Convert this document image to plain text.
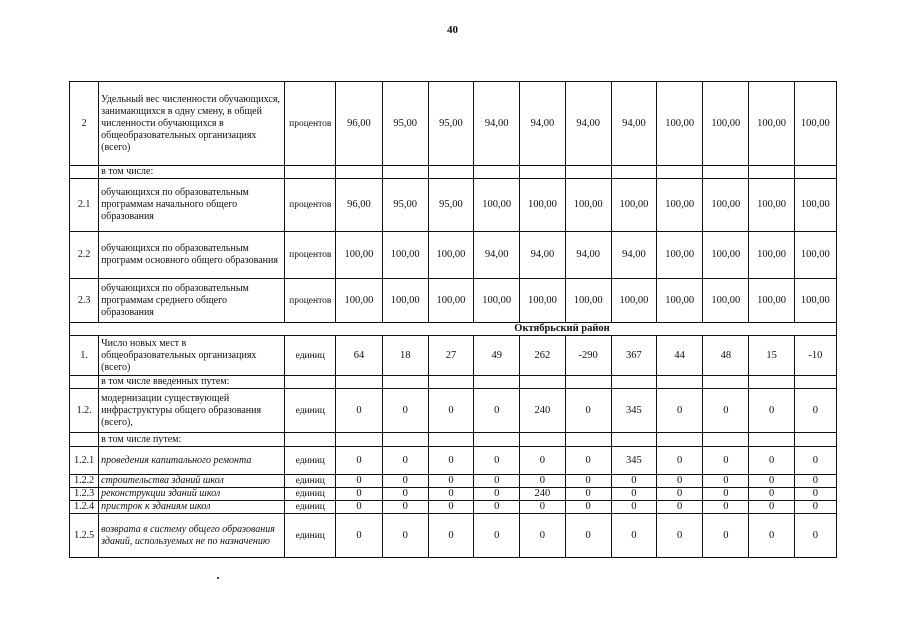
40
2	Удельный вес численности обучающихся, занимающихся в одну смену, в общей численности обучающихся в общеобразовательных организациях (всего)	процентов	96,00	95,00	95,00	94,00	94,00	94,00	94,00	100,00	100,00	100,00	100,00
	в том числе:												
2.1	обучающихся по образовательным программам начального общего образования	процентов	96,00	95,00	95,00	100,00	100,00	100,00	100,00	100,00	100,00	100,00	100,00
2.2	обучающихся по образовательным программ основного общего образования	процентов	100,00	100,00	100,00	94,00	94,00	94,00	94,00	100,00	100,00	100,00	100,00
2.3	обучающихся по образовательным программам среднего общего образования	процентов	100,00	100,00	100,00	100,00	100,00	100,00	100,00	100,00	100,00	100,00	100,00
Октябрьский район													
1.	Число новых мест в общеобразовательных организациях (всего)	единиц	64	18	27	49	262	-290	367	44	48	15	-10
	в том числе введенных путем:												
1.2.	модернизации существующей инфраструктуры общего образования (всего),	единиц	0	0	0	0	240	0	345	0	0	0	0
	в том числе путем:												
1.2.1	проведения капитального ремонта	единиц	0	0	0	0	0	0	345	0	0	0	0
1.2.2	строительства зданий школ	единиц	0	0	0	0	0	0	0	0	0	0	0
1.2.3	реконструкции зданий школ	единиц	0	0	0	0	240	0	0	0	0	0	0
1.2.4	пристрок к зданиям школ	единиц	0	0	0	0	0	0	0	0	0	0	0
1.2.5	возврата в систему общего образования зданий, используемых не по назначению	единиц	0	0	0	0	0	0	0	0	0	0	0
